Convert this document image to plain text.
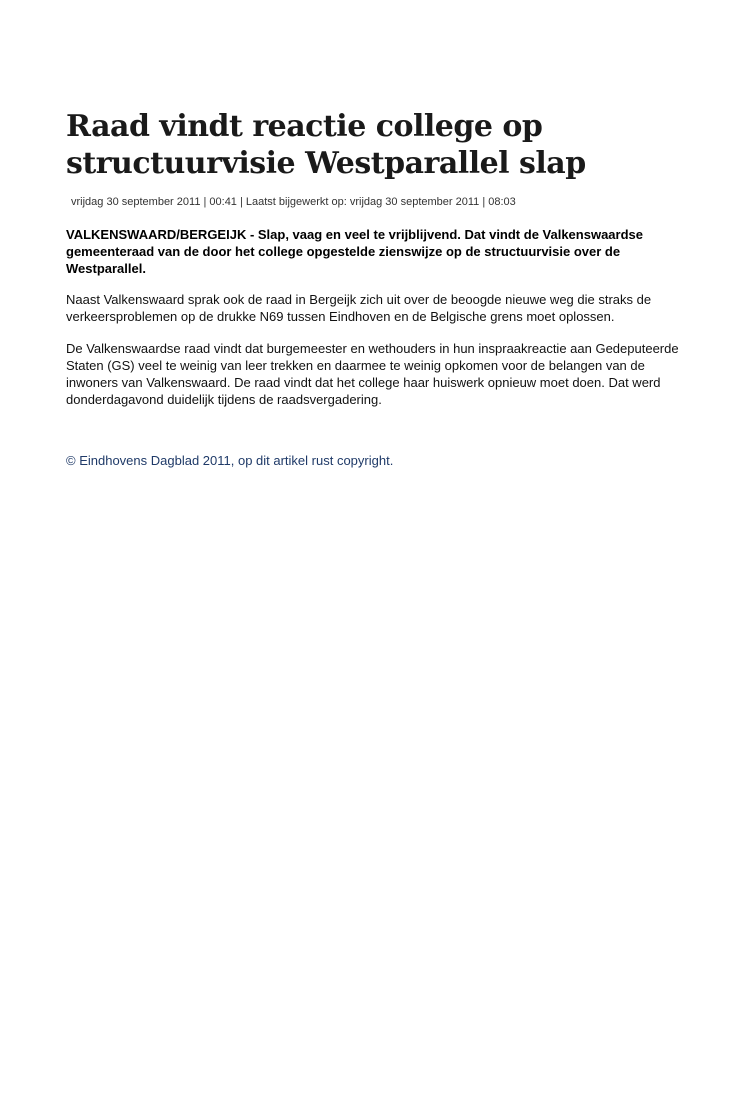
Raad vindt reactie college op structuurvisie Westparallel slap
vrijdag 30 september 2011 | 00:41 | Laatst bijgewerkt op: vrijdag 30 september 2011 | 08:03

VALKENSWAARD/BERGEIJK - Slap, vaag en veel te vrijblijvend. Dat vindt de Valkenswaardse gemeenteraad van de door het college opgestelde zienswijze op de structuurvisie over de Westparallel.

Naast Valkenswaard sprak ook de raad in Bergeijk zich uit over de beoogde nieuwe weg die straks de verkeersproblemen op de drukke N69 tussen Eindhoven en de Belgische grens moet oplossen.

De Valkenswaardse raad vindt dat burgemeester en wethouders in hun inspraakreactie aan Gedeputeerde Staten (GS) veel te weinig van leer trekken en daarmee te weinig opkomen voor de belangen van de inwoners van Valkenswaard. De raad vindt dat het college haar huiswerk opnieuw moet doen. Dat werd donderdagavond duidelijk tijdens de raadsvergadering.

© Eindhovens Dagblad 2011, op dit artikel rust copyright.
